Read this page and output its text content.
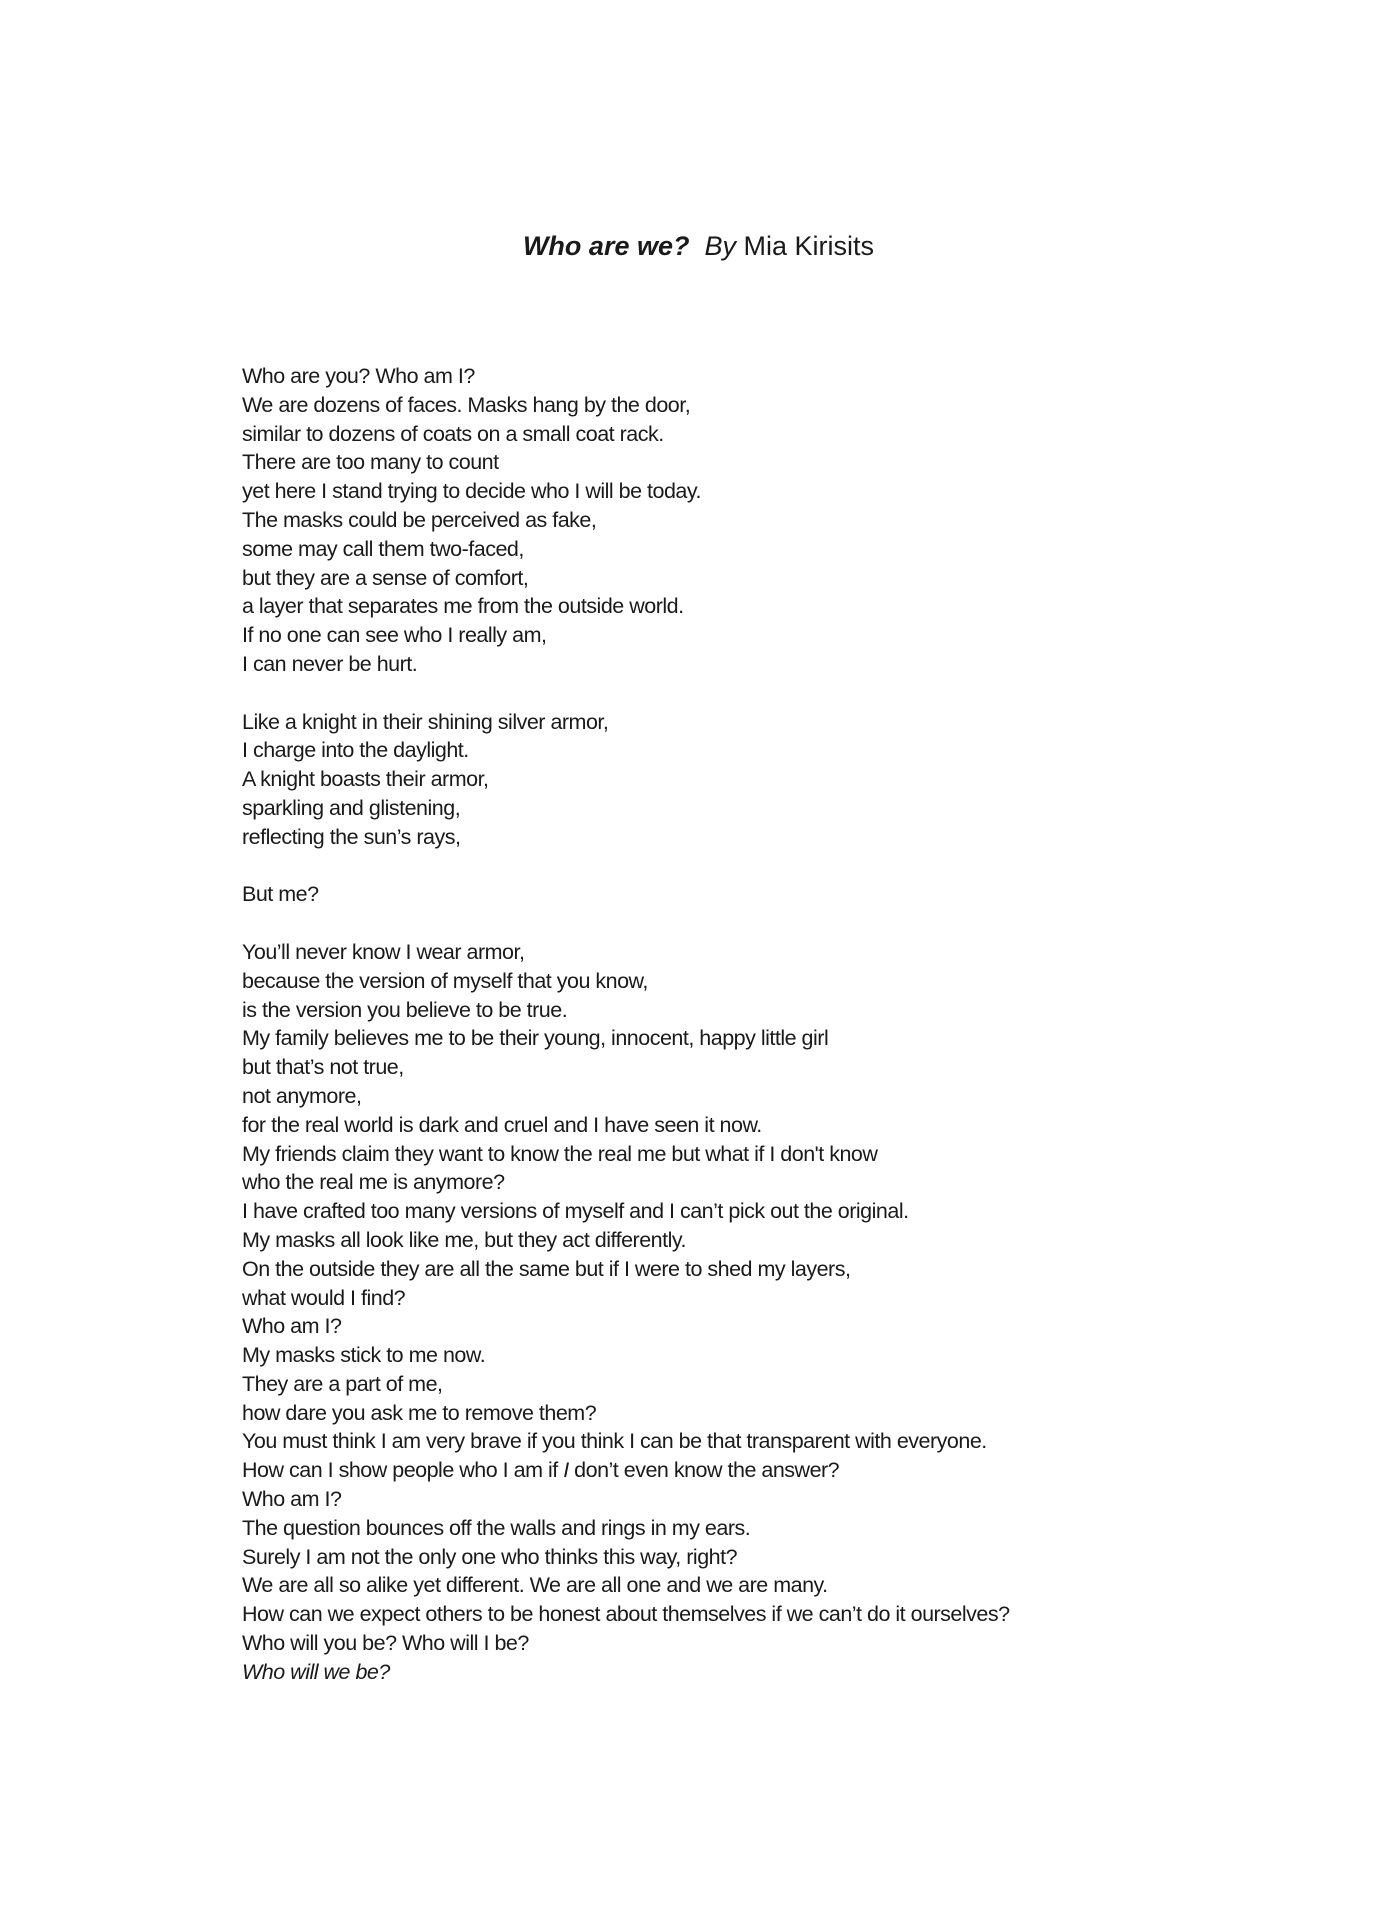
Who are we? By Mia Kirisits
Who are you? Who am I?
We are dozens of faces. Masks hang by the door,
similar to dozens of coats on a small coat rack.
There are too many to count
yet here I stand trying to decide who I will be today.
The masks could be perceived as fake,
some may call them two-faced,
but they are a sense of comfort,
a layer that separates me from the outside world.
If no one can see who I really am,
I can never be hurt.
Like a knight in their shining silver armor,
I charge into the daylight.
A knight boasts their armor,
sparkling and glistening,
reflecting the sun’s rays,
But me?
You’ll never know I wear armor,
because the version of myself that you know,
is the version you believe to be true.
My family believes me to be their young, innocent, happy little girl
but that’s not true,
not anymore,
for the real world is dark and cruel and I have seen it now.
My friends claim they want to know the real me but what if I don't know
who the real me is anymore?
I have crafted too many versions of myself and I can’t pick out the original.
My masks all look like me, but they act differently.
On the outside they are all the same but if I were to shed my layers,
what would I find?
Who am I?
My masks stick to me now.
They are a part of me,
how dare you ask me to remove them?
You must think I am very brave if you think I can be that transparent with everyone.
How can I show people who I am if I don’t even know the answer?
Who am I?
The question bounces off the walls and rings in my ears.
Surely I am not the only one who thinks this way, right?
We are all so alike yet different. We are all one and we are many.
How can we expect others to be honest about themselves if we can’t do it ourselves?
Who will you be? Who will I be?
Who will we be?
